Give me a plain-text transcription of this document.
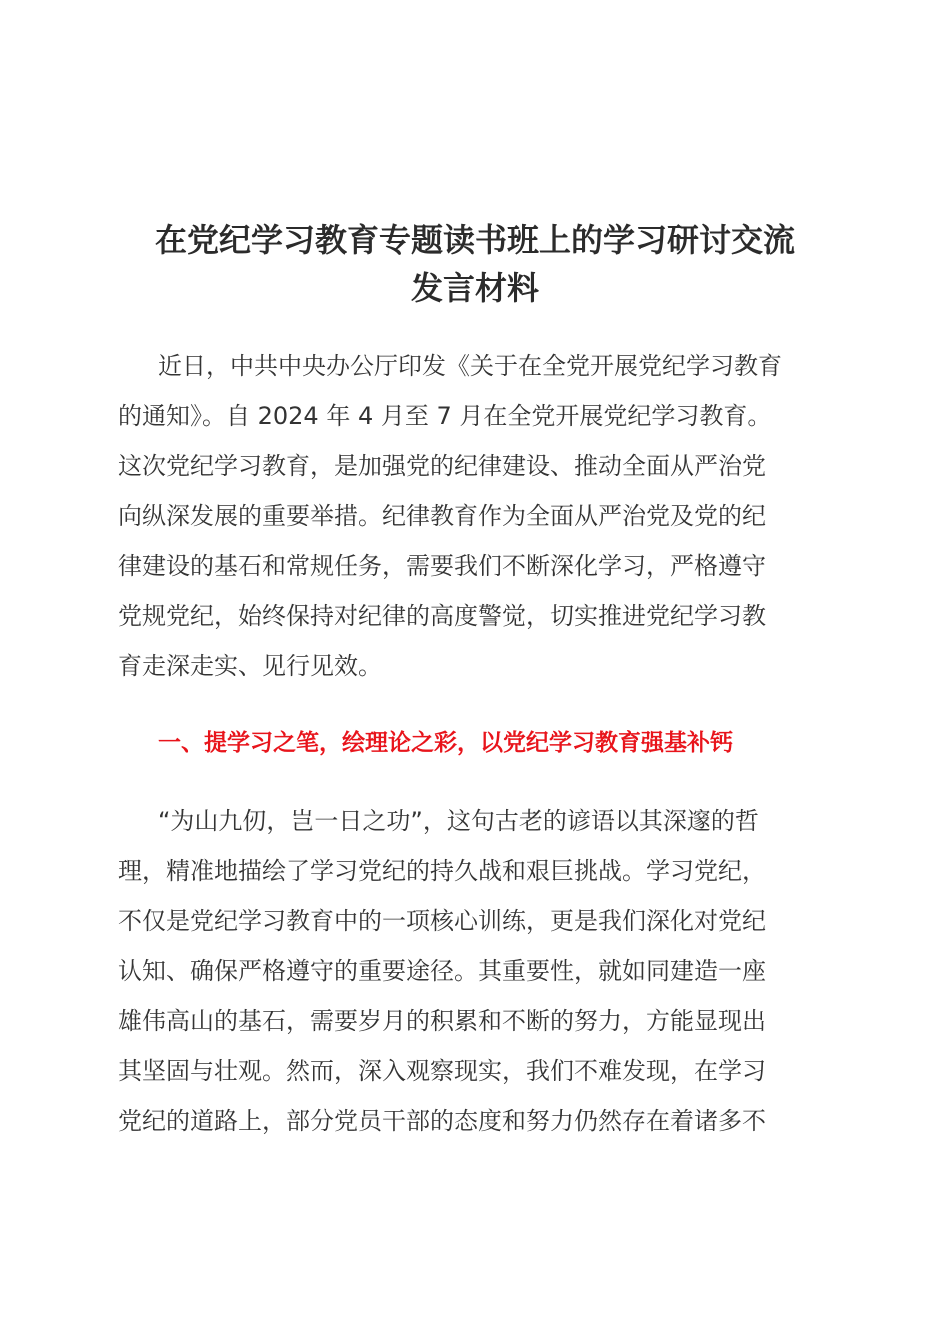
在党纪学习教育专题读书班上的学习研讨交流
发言材料

近日，中共中央办公厅印发《关于在全党开展党纪学习教育

的通知》。自 2024 年 4 月至 7 月在全党开展党纪学习教育。

这次党纪学习教育，是加强党的纪律建设、推动全面从严治党

向纵深发展的重要举措。纪律教育作为全面从严治党及党的纪

律建设的基石和常规任务，需要我们不断深化学习，严格遵守

党规党纪，始终保持对纪律的高度警觉，切实推进党纪学习教

育走深走实、见行见效。

一、提学习之笔，绘理论之彩，以党纪学习教育强基补钙

“为山九仞，岂一日之功”，这句古老的谚语以其深邃的哲

理，精准地描绘了学习党纪的持久战和艰巨挑战。学习党纪，

不仅是党纪学习教育中的一项核心训练，更是我们深化对党纪

认知、确保严格遵守的重要途径。其重要性，就如同建造一座

雄伟高山的基石，需要岁月的积累和不断的努力，方能显现出

其坚固与壮观。然而，深入观察现实，我们不难发现，在学习

党纪的道路上，部分党员干部的态度和努力仍然存在着诸多不
